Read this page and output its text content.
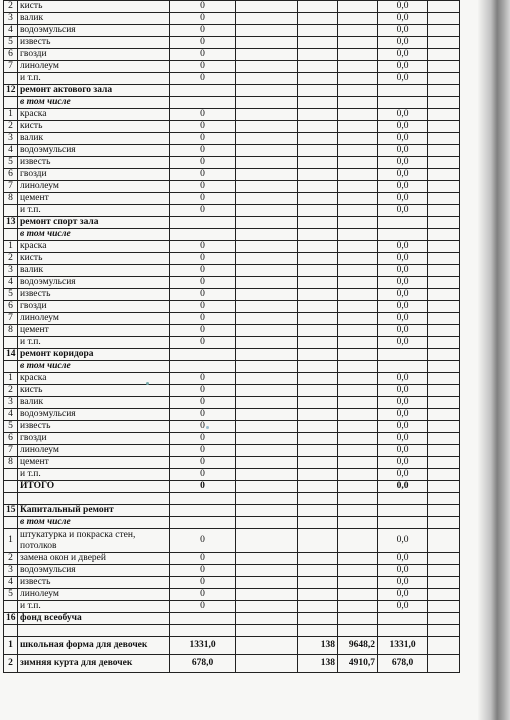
2	кисть	0				0,0	
3	валик	0				0,0	
4	водоэмульсия	0				0,0	
5	известь	0				0,0	
6	гвозди	0				0,0	
7	линолеум	0				0,0	
	и т.п.	0				0,0	
12	ремонт актового зала						
	в том числе						
1	краска	0				0,0	
2	кисть	0				0,0	
3	валик	0				0,0	
4	водоэмульсия	0				0,0	
5	известь	0				0,0	
6	гвозди	0				0,0	
7	линолеум	0				0,0	
8	цемент	0				0,0	
	и т.п.	0				0,0	
13	ремонт спорт зала						
	в том числе						
1	краска	0				0,0	
2	кисть	0				0,0	
3	валик	0				0,0	
4	водоэмульсия	0				0,0	
5	известь	0				0,0	
6	гвозди	0				0,0	
7	линолеум	0				0,0	
8	цемент	0				0,0	
	и т.п.	0				0,0	
14	ремонт коридора						
	в том числе						
1	краска	0				0,0	
2	кисть	0				0,0	
3	валик	0				0,0	
4	водоэмульсия	0				0,0	
5	известь	0				0,0	
6	гвозди	0				0,0	
7	линолеум	0				0,0	
8	цемент	0				0,0	
	и т.п.	0				0,0	
	ИТОГО	0				0,0	

15	Капитальный ремонт						
	в том числе						
1	штукатурка и покраска стен, потолков	0				0,0	
2	замена окон и дверей	0				0,0	
3	водоэмульсия	0				0,0	
4	известь	0				0,0	
5	линолеум	0				0,0	
	и т.п.	0				0,0	
16	фонд всеобуча						

1	школьная форма для девочек	1331,0		138	9648,2	1331,0	
2	зимняя курта для девочек	678,0		138	4910,7	678,0	
